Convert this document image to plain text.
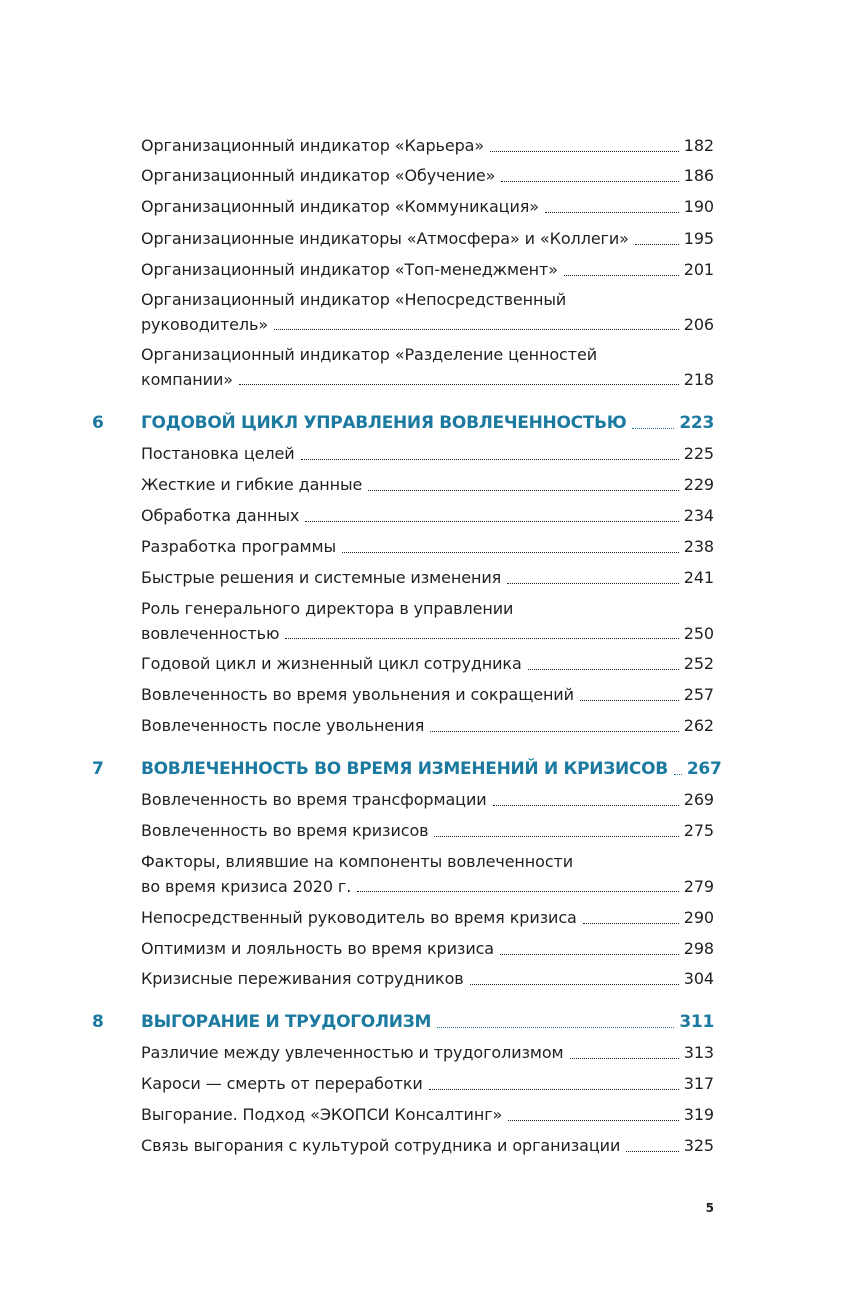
Организационный индикатор «Карьера»	182
Организационный индикатор «Обучение»	186
Организационный индикатор «Коммуникация»	190
Организационные индикаторы «Атмосфера» и «Коллеги»	195
Организационный индикатор «Топ-менеджмент»	201
Организационный индикатор «Непосредственный
руководитель»	206
Организационный индикатор «Разделение ценностей
компании»	218
6	ГОДОВОЙ ЦИКЛ УПРАВЛЕНИЯ ВОВЛЕЧЕННОСТЬЮ	223
Постановка целей	225
Жесткие и гибкие данные	229
Обработка данных	234
Разработка программы	238
Быстрые решения и системные изменения	241
Роль генерального директора в управлении
вовлеченностью	250
Годовой цикл и жизненный цикл сотрудника	252
Вовлеченность во время увольнения и сокращений	257
Вовлеченность после увольнения	262
7	ВОВЛЕЧЕННОСТЬ ВО ВРЕМЯ ИЗМЕНЕНИЙ И КРИЗИСОВ 267
Вовлеченность во время трансформации	269
Вовлеченность во время кризисов	275
Факторы, влиявшие на компоненты вовлеченности
во время кризиса 2020 г.	279
Непосредственный руководитель во время кризиса	290
Оптимизм и лояльность во время кризиса	298
Кризисные переживания сотрудников	304
8	ВЫГОРАНИЕ И ТРУДОГОЛИЗМ	311
Различие между увлеченностью и трудоголизмом	313
Кароси — смерть от переработки	317
Выгорание. Подход «ЭКОПСИ Консалтинг»	319
Связь выгорания с культурой сотрудника и организации	325
5
